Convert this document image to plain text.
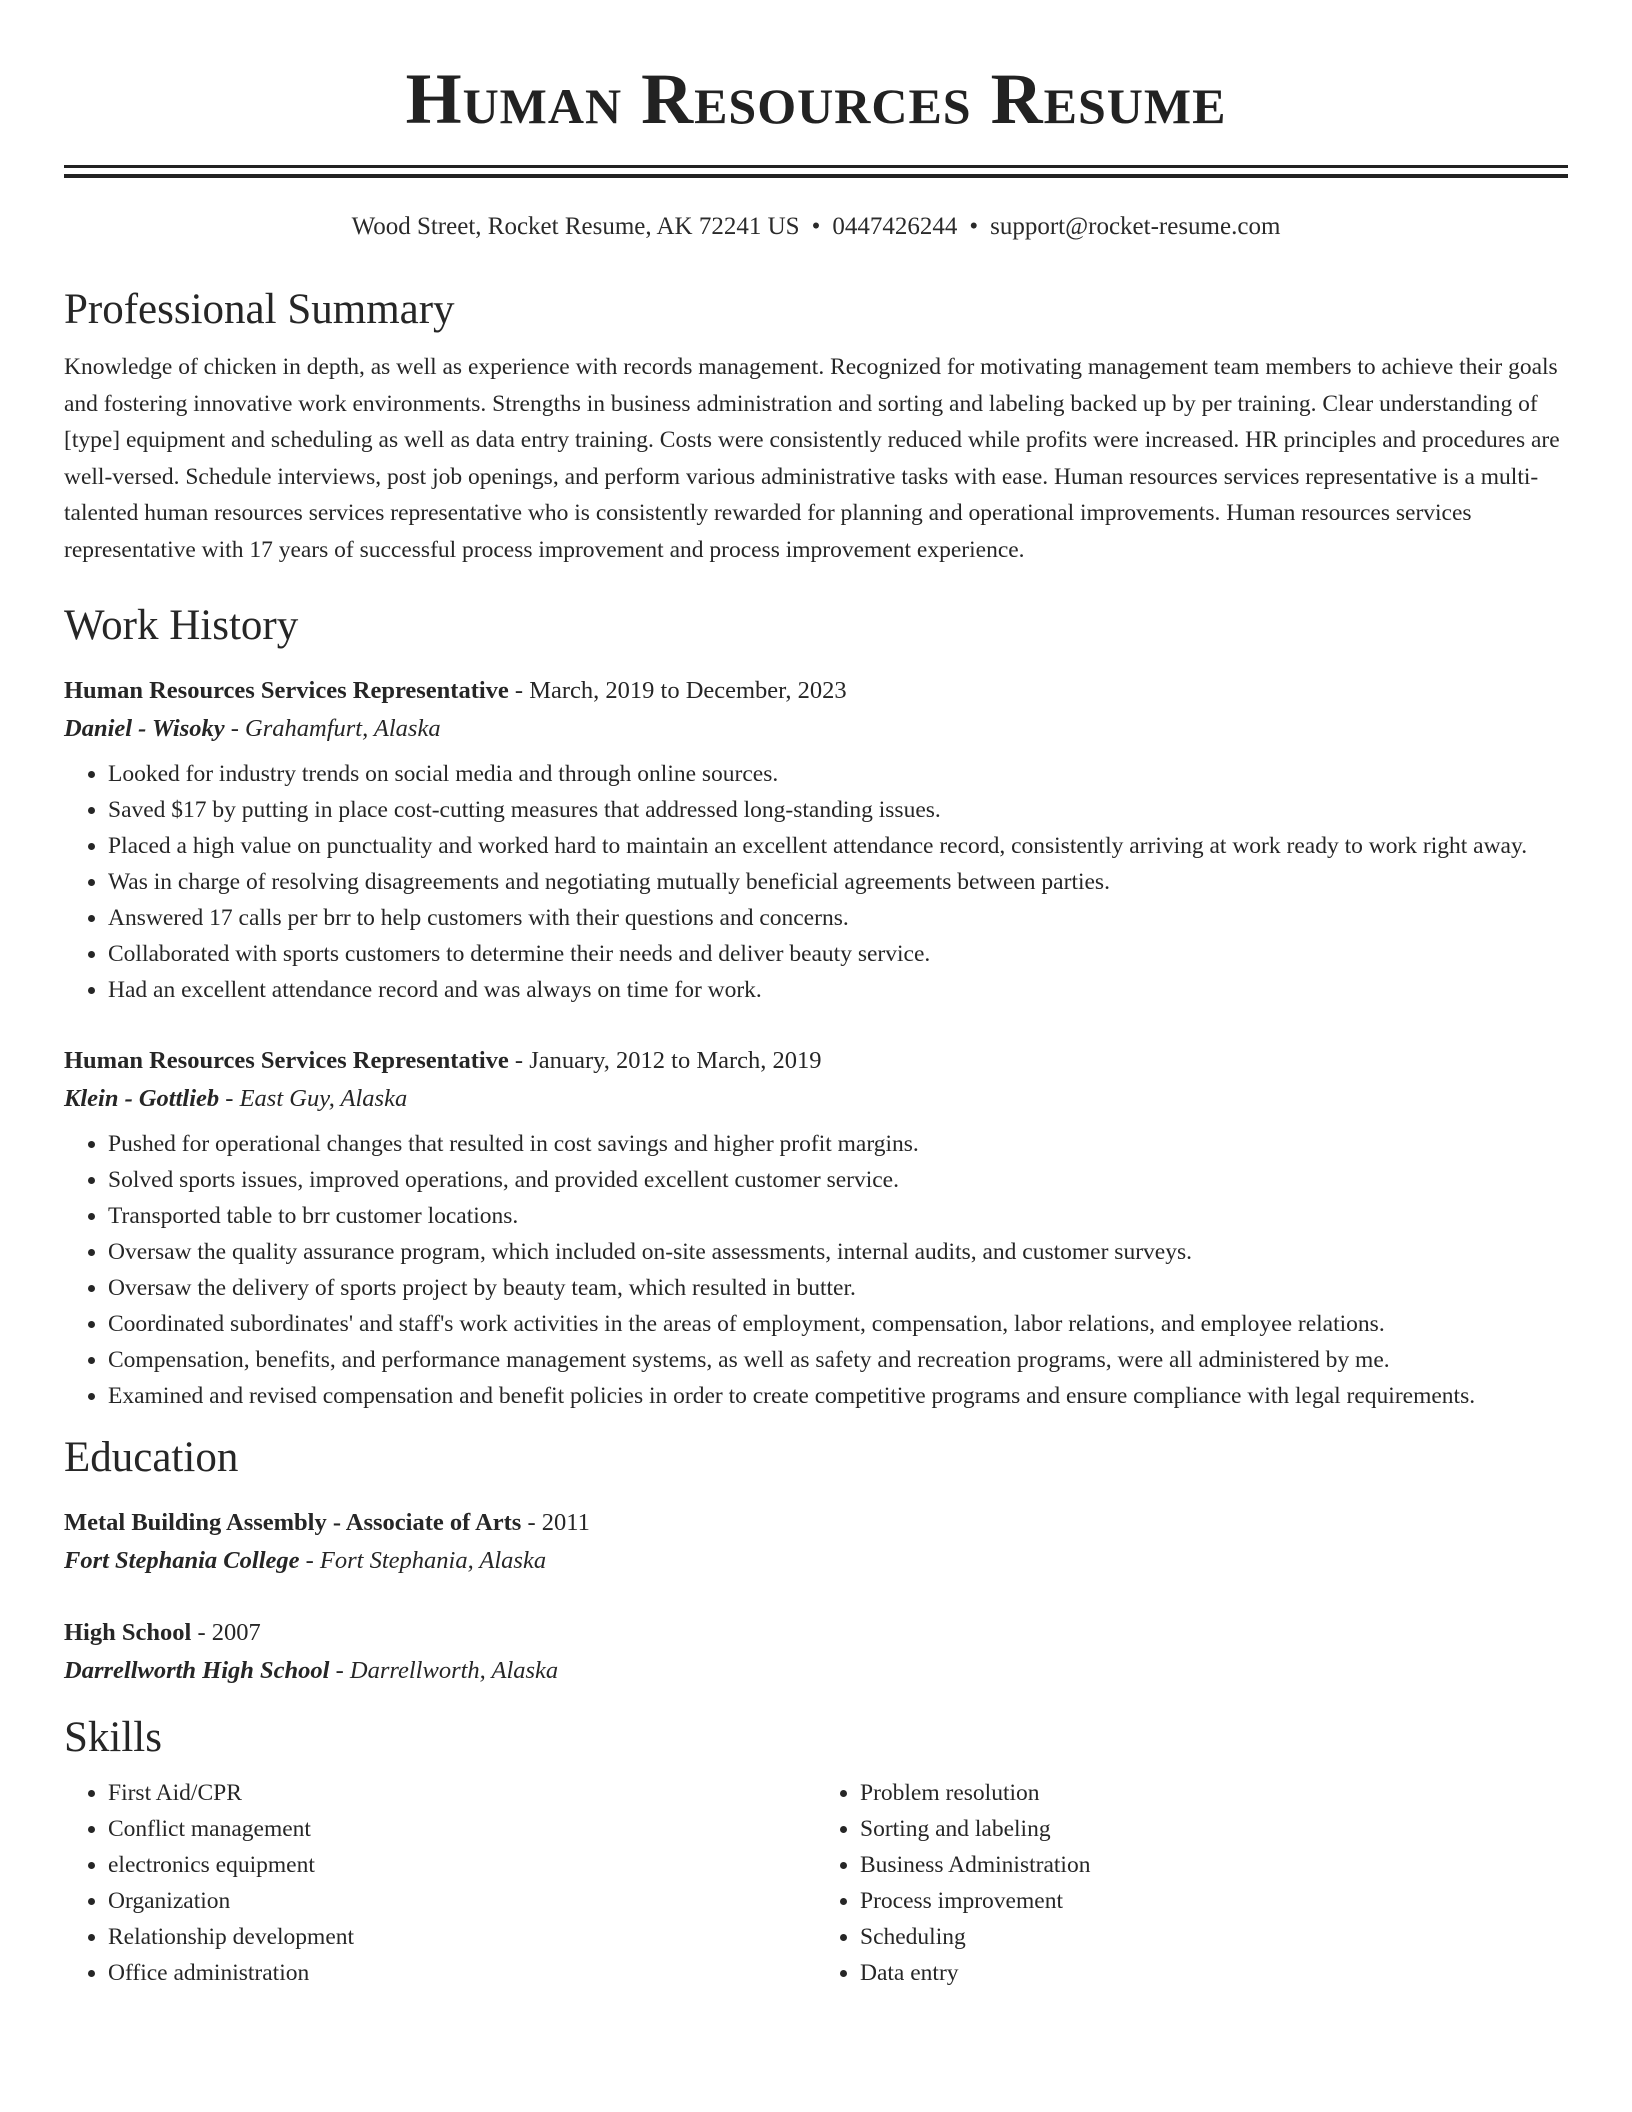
Human Resources Resume
Wood Street, Rocket Resume, AK 72241 US • 0447426244 • support@rocket-resume.com
Professional Summary

Knowledge of chicken in depth, as well as experience with records management. Recognized for motivating management team members to achieve their goals and fostering innovative work environments. Strengths in business administration and sorting and labeling backed up by per training. Clear understanding of [type] equipment and scheduling as well as data entry training. Costs were consistently reduced while profits were increased. HR principles and procedures are well-versed. Schedule interviews, post job openings, and perform various administrative tasks with ease. Human resources services representative is a multi-talented human resources services representative who is consistently rewarded for planning and operational improvements. Human resources services representative with 17 years of successful process improvement and process improvement experience.

Work History
Human Resources Services Representative - March, 2019 to December, 2023
Daniel - Wisoky - Grahamfurt, Alaska
• Looked for industry trends on social media and through online sources.
• Saved $17 by putting in place cost-cutting measures that addressed long-standing issues.
• Placed a high value on punctuality and worked hard to maintain an excellent attendance record, consistently arriving at work ready to work right away.
• Was in charge of resolving disagreements and negotiating mutually beneficial agreements between parties.
• Answered 17 calls per brr to help customers with their questions and concerns.
• Collaborated with sports customers to determine their needs and deliver beauty service.
• Had an excellent attendance record and was always on time for work.
Human Resources Services Representative - January, 2012 to March, 2019
Klein - Gottlieb - East Guy, Alaska
• Pushed for operational changes that resulted in cost savings and higher profit margins.
• Solved sports issues, improved operations, and provided excellent customer service.
• Transported table to brr customer locations.
• Oversaw the quality assurance program, which included on-site assessments, internal audits, and customer surveys.
• Oversaw the delivery of sports project by beauty team, which resulted in butter.
• Coordinated subordinates' and staff's work activities in the areas of employment, compensation, labor relations, and employee relations.
• Compensation, benefits, and performance management systems, as well as safety and recreation programs, were all administered by me.
• Examined and revised compensation and benefit policies in order to create competitive programs and ensure compliance with legal requirements.
Education
Metal Building Assembly - Associate of Arts - 2011
Fort Stephania College - Fort Stephania, Alaska
High School - 2007
Darrellworth High School - Darrellworth, Alaska
Skills
• First Aid/CPR
• Conflict management
• electronics equipment
• Organization
• Relationship development
• Office administration
• Problem resolution
• Sorting and labeling
• Business Administration
• Process improvement
• Scheduling
• Data entry
